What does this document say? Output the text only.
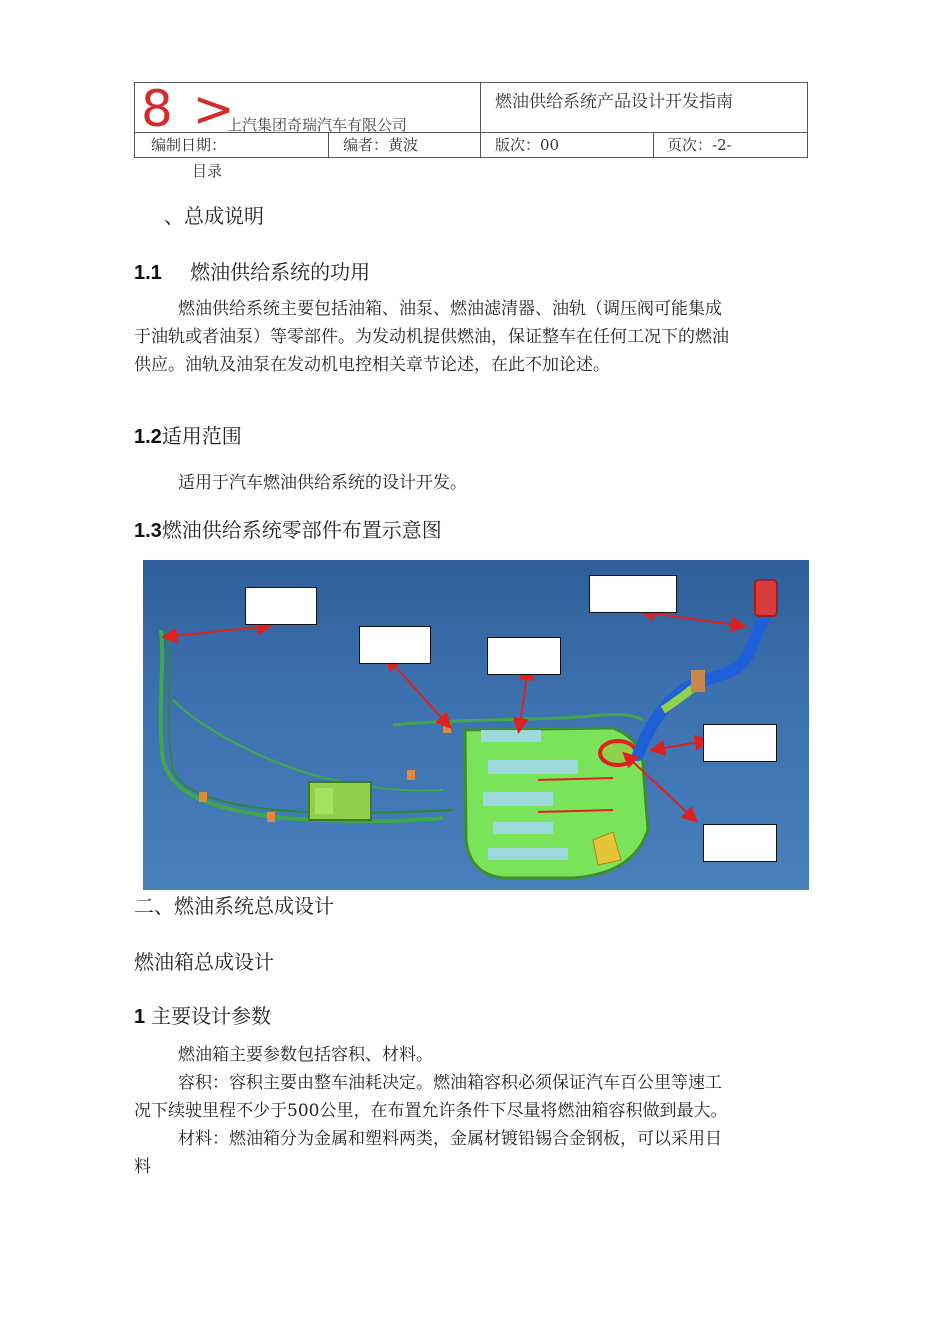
8 >
上汽集团奇瑞汽车有限公司
燃油供给系统产品设计开发指南
编制日期：	编者：黄波	版次：00	页次：-2-
目录
、总成说明
1.1 燃油供给系统的功用
燃油供给系统主要包括油箱、油泵、燃油滤清器、油轨（调压阀可能集成
于油轨或者油泵）等零部件。为发动机提供燃油，保证整车在任何工况下的燃油
供应。油轨及油泵在发动机电控相关章节论述，在此不加论述。
1.2适用范围
适用于汽车燃油供给系统的设计开发。
1.3燃油供给系统零部件布置示意图
二、燃油系统总成设计
燃油箱总成设计
1 主要设计参数
燃油箱主要参数包括容积、材料。
容积：容积主要由整车油耗决定。燃油箱容积必须保证汽车百公里等速工
况下续驶里程不少于500公里，在布置允许条件下尽量将燃油箱容积做到最大。
材料：燃油箱分为金属和塑料两类，金属材镀铅锡合金钢板，可以采用日
料
